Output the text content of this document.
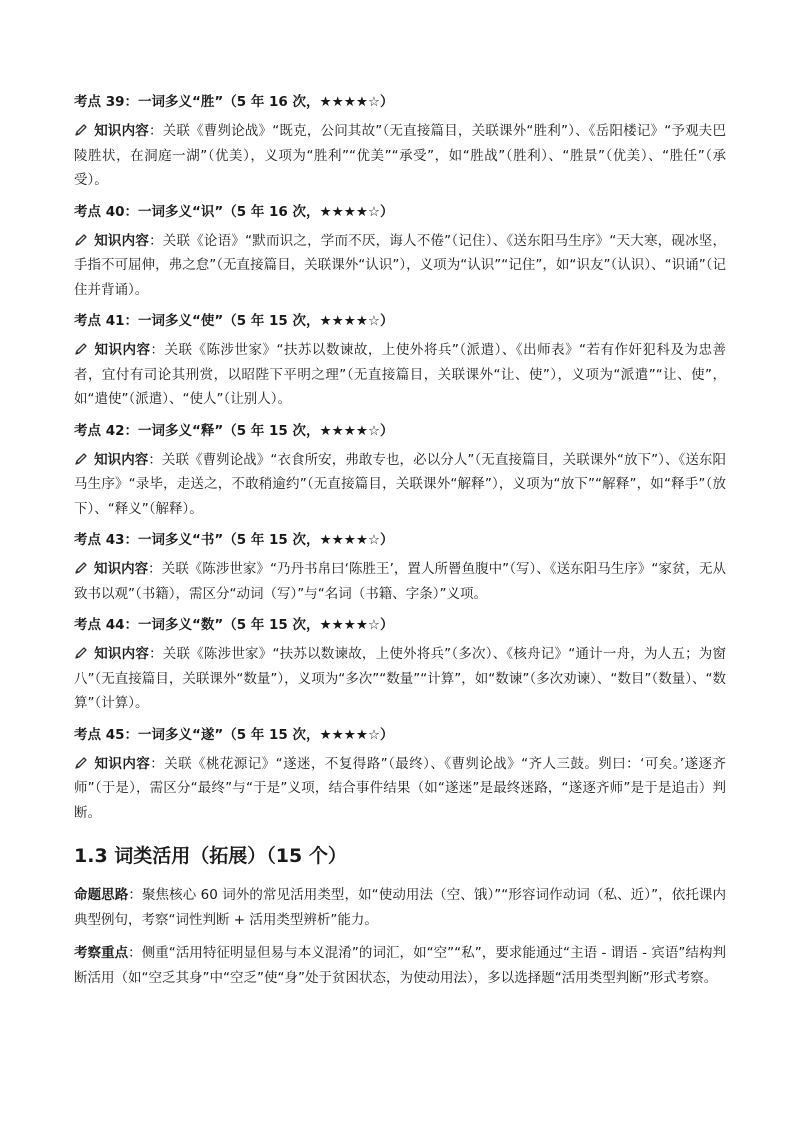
考点 39：一词多义“胜”（5 年 16 次，★★★★☆）

知识内容：关联《曹刿论战》“既克，公问其故”（无直接篇目，关联课外“胜利”）、《岳阳楼记》“予观夫巴陵胜状，在洞庭一湖”（优美），义项为“胜利”“优美”“承受”，如“胜战”（胜利）、“胜景”（优美）、“胜任”（承受）。

考点 40：一词多义“识”（5 年 16 次，★★★★☆）

知识内容：关联《论语》“默而识之，学而不厌，诲人不倦”（记住）、《送东阳马生序》“天大寒，砚冰坚，手指不可屈伸，弗之怠”（无直接篇目，关联课外“认识”），义项为“认识”“记住”，如“识友”（认识）、“识诵”（记住并背诵）。

考点 41：一词多义“使”（5 年 15 次，★★★★☆）

知识内容：关联《陈涉世家》“扶苏以数谏故，上使外将兵”（派遣）、《出师表》“若有作奸犯科及为忠善者，宜付有司论其刑赏，以昭陛下平明之理”（无直接篇目，关联课外“让、使”），义项为“派遣”“让、使”，如“遣使”（派遣）、“使人”（让别人）。

考点 42：一词多义“释”（5 年 15 次，★★★★☆）

知识内容：关联《曹刿论战》“衣食所安，弗敢专也，必以分人”（无直接篇目，关联课外“放下”）、《送东阳马生序》“录毕，走送之，不敢稍逾约”（无直接篇目，关联课外“解释”），义项为“放下”“解释”，如“释手”（放下）、“释义”（解释）。

考点 43：一词多义“书”（5 年 15 次，★★★★☆）

知识内容：关联《陈涉世家》“乃丹书帛曰‘陈胜王’，置人所罾鱼腹中”（写）、《送东阳马生序》“家贫，无从致书以观”（书籍），需区分“动词（写）”与“名词（书籍、字条）”义项。

考点 44：一词多义“数”（5 年 15 次，★★★★☆）

知识内容：关联《陈涉世家》“扶苏以数谏故，上使外将兵”（多次）、《核舟记》“通计一舟，为人五；为窗八”（无直接篇目，关联课外“数量”），义项为“多次”“数量”“计算”，如“数谏”（多次劝谏）、“数目”（数量）、“数算”（计算）。

考点 45：一词多义“遂”（5 年 15 次，★★★★☆）

知识内容：关联《桃花源记》“遂迷，不复得路”（最终）、《曹刿论战》“齐人三鼓。刿曰：‘可矣。’遂逐齐师”（于是），需区分“最终”与“于是”义项，结合事件结果（如“遂迷”是最终迷路，“遂逐齐师”是于是追击）判断。

1.3 词类活用（拓展）（15 个）

命题思路：聚焦核心 60 词外的常见活用类型，如“使动用法（空、饿）”“形容词作动词（私、近）”，依托课内典型例句，考察“词性判断 + 活用类型辨析”能力。

考察重点：侧重“活用特征明显但易与本义混淆”的词汇，如“空”“私”，要求能通过“主语 - 谓语 - 宾语”结构判断活用（如“空乏其身”中“空乏”使“身”处于贫困状态，为使动用法），多以选择题“活用类型判断”形式考察。
